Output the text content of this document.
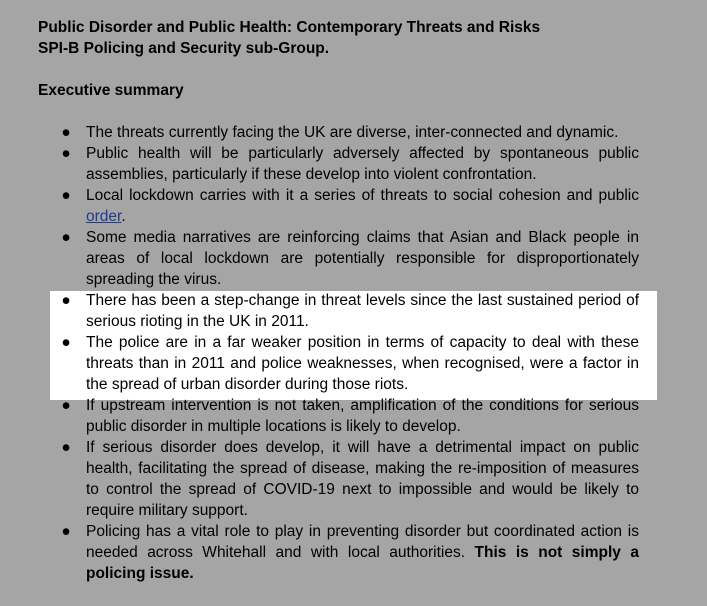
Public Disorder and Public Health: Contemporary Threats and Risks

SPI-B Policing and Security sub-Group.

Executive summary

● The threats currently facing the UK are diverse, inter-connected and dynamic.
● Public health will be particularly adversely affected by spontaneous public assemblies, particularly if these develop into violent confrontation.
● Local lockdown carries with it a series of threats to social cohesion and public order.
● Some media narratives are reinforcing claims that Asian and Black people in areas of local lockdown are potentially responsible for disproportionately spreading the virus.
● There has been a step-change in threat levels since the last sustained period of serious rioting in the UK in 2011.
● The police are in a far weaker position in terms of capacity to deal with these threats than in 2011 and police weaknesses, when recognised, were a factor in the spread of urban disorder during those riots.
● If upstream intervention is not taken, amplification of the conditions for serious public disorder in multiple locations is likely to develop.
● If serious disorder does develop, it will have a detrimental impact on public health, facilitating the spread of disease, making the re-imposition of measures to control the spread of COVID-19 next to impossible and would be likely to require military support.
● Policing has a vital role to play in preventing disorder but coordinated action is needed across Whitehall and with local authorities. This is not simply a policing issue.
